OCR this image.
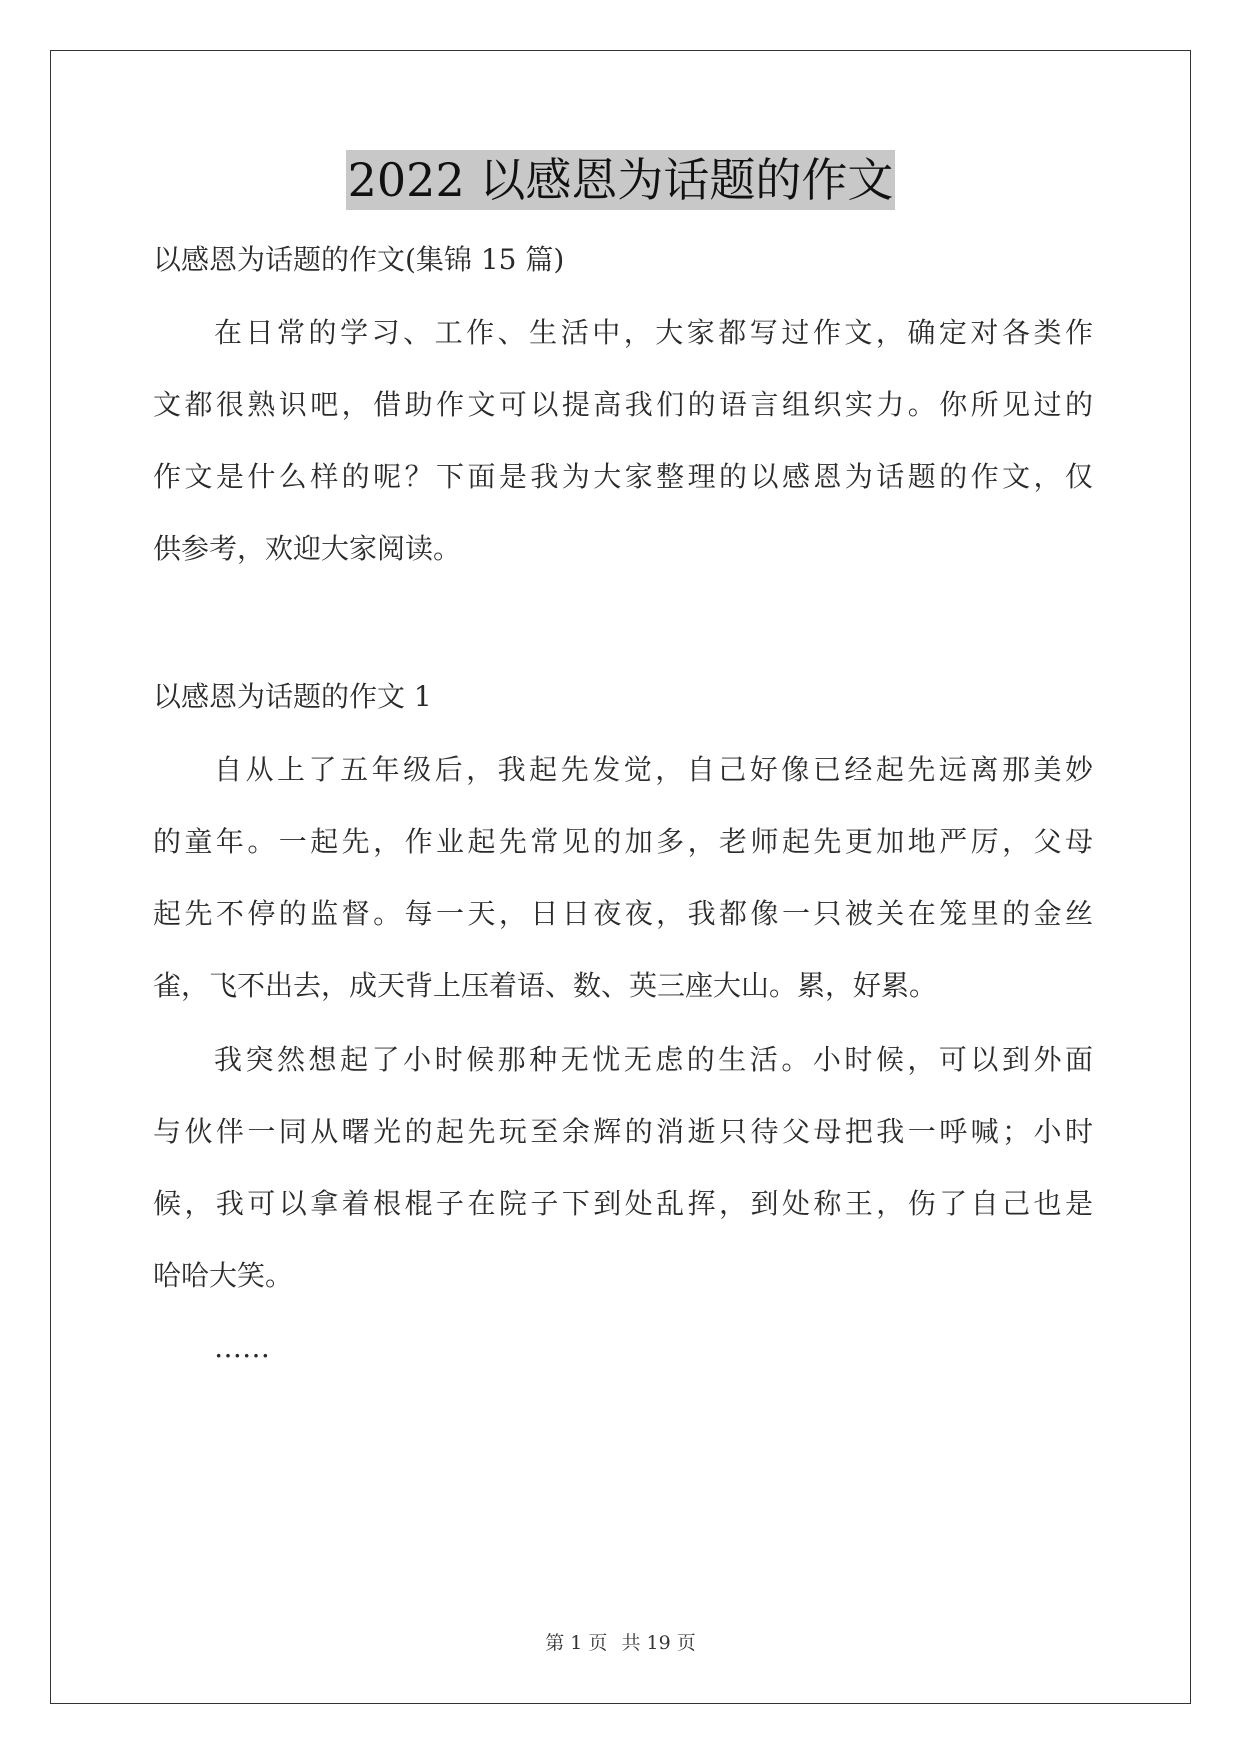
2022 以感恩为话题的作文
以感恩为话题的作文(集锦 15 篇)
在日常的学习、工作、生活中，大家都写过作文，确定对各类作
文都很熟识吧，借助作文可以提高我们的语言组织实力。你所见过的
作文是什么样的呢？下面是我为大家整理的以感恩为话题的作文，仅
供参考，欢迎大家阅读。
以感恩为话题的作文 1
自从上了五年级后，我起先发觉，自己好像已经起先远离那美妙
的童年。一起先，作业起先常见的加多，老师起先更加地严厉，父母
起先不停的监督。每一天，日日夜夜，我都像一只被关在笼里的金丝
雀，飞不出去，成天背上压着语、数、英三座大山。累，好累。
我突然想起了小时候那种无忧无虑的生活。小时候，可以到外面
与伙伴一同从曙光的起先玩至余辉的消逝只待父母把我一呼喊；小时
候，我可以拿着根棍子在院子下到处乱挥，到处称王，伤了自己也是
哈哈大笑。
……
第 1 页 共 19 页
